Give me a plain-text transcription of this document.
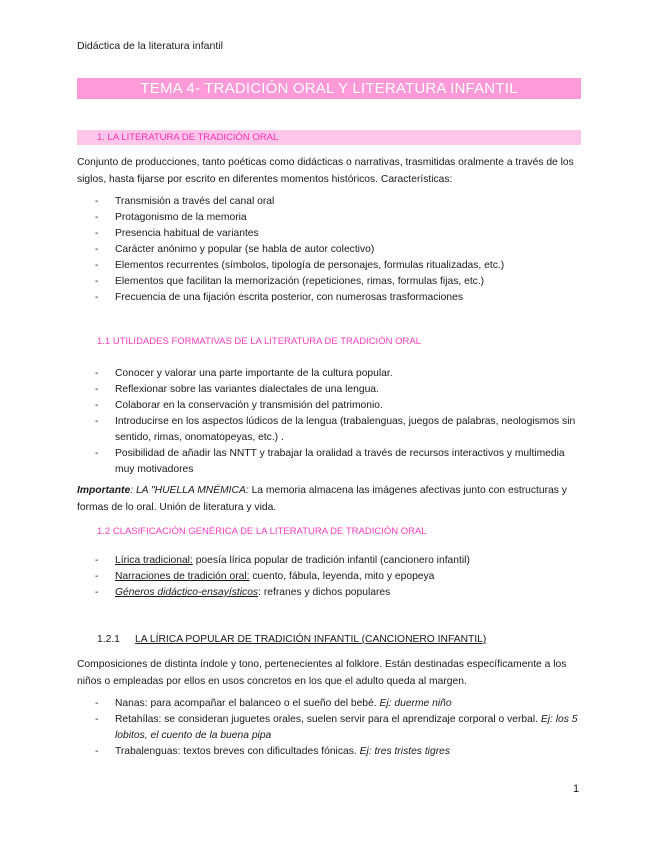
Didáctica de la literatura infantil
TEMA 4- TRADICIÓN ORAL Y LITERATURA INFANTIL
1. LA LITERATURA DE TRADICIÓN ORAL
Conjunto de producciones, tanto poéticas como didácticas o narrativas, trasmitidas oralmente a través de los siglos, hasta fijarse por escrito en diferentes momentos históricos. Características:
- Transmisión a través del canal oral
- Protagonismo de la memoria
- Presencia habitual de variantes
- Carácter anónimo y popular (se habla de autor colectivo)
- Elementos recurrentes (símbolos, tipología de personajes, formulas ritualizadas, etc.)
- Elementos que facilitan la memorización (repeticiones, rimas, formulas fijas, etc.)
- Frecuencia de una fijación escrita posterior, con numerosas trasformaciones
1.1 UTILIDADES FORMATIVAS DE LA LITERATURA DE TRADICIÓN ORAL
- Conocer y valorar una parte importante de la cultura popular.
- Reflexionar sobre las variantes dialectales de una lengua.
- Colaborar en la conservación y transmisión del patrimonio.
- Introducirse en los aspectos lúdicos de la lengua (trabalenguas, juegos de palabras, neologismos sin sentido, rimas, onomatopeyas, etc.) .
- Posibilidad de añadir las NNTT y trabajar la oralidad a través de recursos interactivos y multimedia muy motivadores
Importante: LA "HUELLA MNÉMICA: La memoria almacena las imágenes afectivas junto con estructuras y formas de lo oral. Unión de literatura y vida.
1.2 CLASIFICACIÓN GENÉRICA DE LA LITERATURA DE TRADICIÓN ORAL
- Lírica tradicional: poesía lírica popular de tradición infantil (cancionero infantil)
- Narraciones de tradición oral: cuento, fábula, leyenda, mito y epopeya
- Géneros didáctico-ensayísticos: refranes y dichos populares
1.2.1 LA LÍRICA POPULAR DE TRADICIÓN INFANTIL (CANCIONERO INFANTIL)
Composiciones de distinta índole y tono, pertenecientes al folklore. Están destinadas específicamente a los niños o empleadas por ellos en usos concretos en los que el adulto queda al margen.
- Nanas: para acompañar el balanceo o el sueño del bebé. Ej: duerme niño
- Retahílas: se consideran juguetes orales, suelen servir para el aprendizaje corporal o verbal. Ej: los 5 lobitos, el cuento de la buena pipa
- Trabalenguas: textos breves con dificultades fónicas. Ej: tres tristes tigres
1
